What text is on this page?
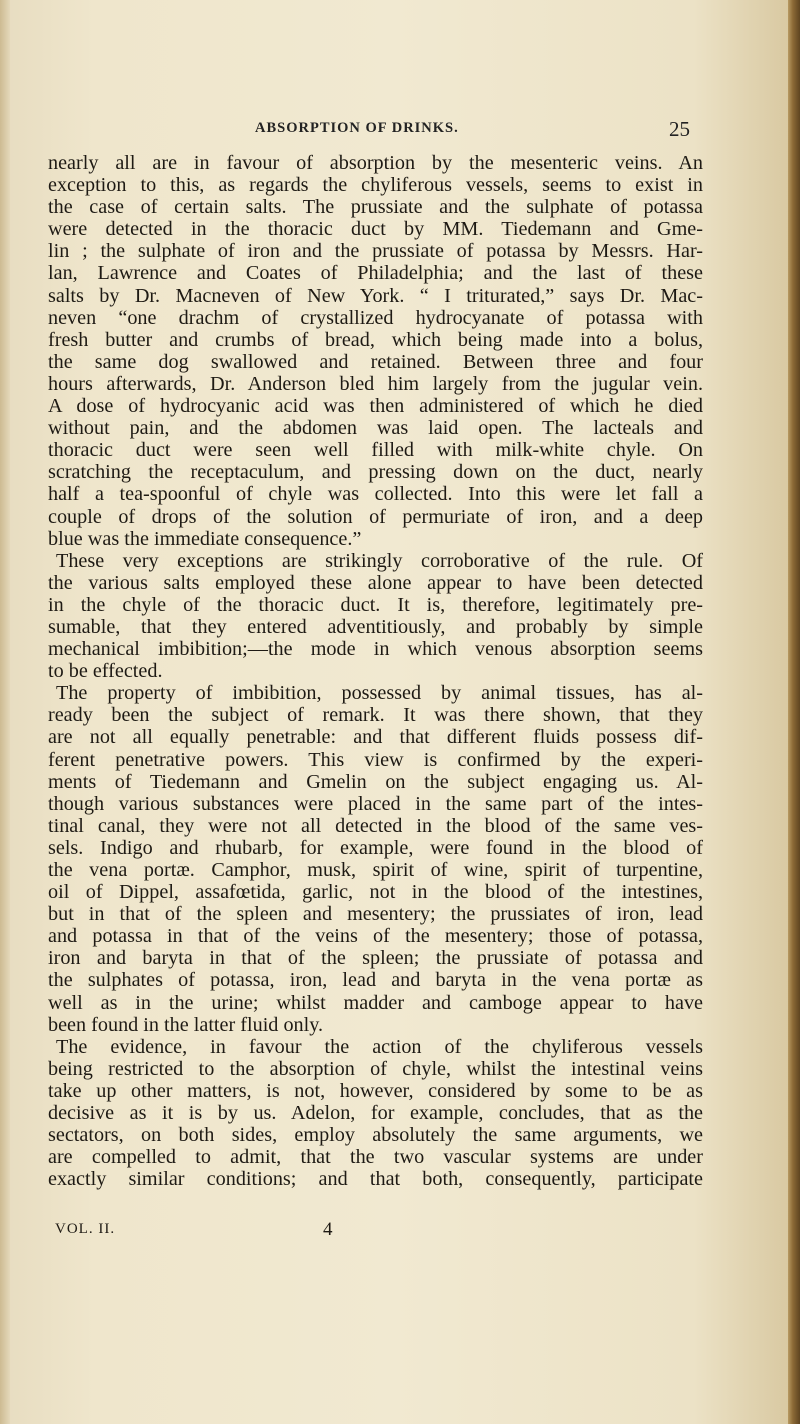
ABSORPTION OF DRINKS.	25
nearly all are in favour of absorption by the mesenteric veins. An
exception to this, as regards the chyliferous vessels, seems to exist in
the case of certain salts. The prussiate and the sulphate of potassa
were detected in the thoracic duct by MM. Tiedemann and Gme-
lin ; the sulphate of iron and the prussiate of potassa by Messrs. Har-
lan, Lawrence and Coates of Philadelphia; and the last of these
salts by Dr. Macneven of New York. “ I triturated,” says Dr. Mac-
neven “one drachm of crystallized hydrocyanate of potassa with
fresh butter and crumbs of bread, which being made into a bolus,
the same dog swallowed and retained. Between three and four
hours afterwards, Dr. Anderson bled him largely from the jugular vein.
A dose of hydrocyanic acid was then administered of which he died
without pain, and the abdomen was laid open. The lacteals and
thoracic duct were seen well filled with milk-white chyle. On
scratching the receptaculum, and pressing down on the duct, nearly
half a tea-spoonful of chyle was collected. Into this were let fall a
couple of drops of the solution of permuriate of iron, and a deep
blue was the immediate consequence.”
These very exceptions are strikingly corroborative of the rule. Of
the various salts employed these alone appear to have been detected
in the chyle of the thoracic duct. It is, therefore, legitimately pre-
sumable, that they entered adventitiously, and probably by simple
mechanical imbibition;—the mode in which venous absorption seems
to be effected.
The property of imbibition, possessed by animal tissues, has al-
ready been the subject of remark. It was there shown, that they
are not all equally penetrable: and that different fluids possess dif-
ferent penetrative powers. This view is confirmed by the experi-
ments of Tiedemann and Gmelin on the subject engaging us. Al-
though various substances were placed in the same part of the intes-
tinal canal, they were not all detected in the blood of the same ves-
sels. Indigo and rhubarb, for example, were found in the blood of
the vena portæ. Camphor, musk, spirit of wine, spirit of turpentine,
oil of Dippel, assafœtida, garlic, not in the blood of the intestines,
but in that of the spleen and mesentery; the prussiates of iron, lead
and potassa in that of the veins of the mesentery; those of potassa,
iron and baryta in that of the spleen; the prussiate of potassa and
the sulphates of potassa, iron, lead and baryta in the vena portæ as
well as in the urine; whilst madder and camboge appear to have
been found in the latter fluid only.
The evidence, in favour the action of the chyliferous vessels
being restricted to the absorption of chyle, whilst the intestinal veins
take up other matters, is not, however, considered by some to be as
decisive as it is by us. Adelon, for example, concludes, that as the
sectators, on both sides, employ absolutely the same arguments, we
are compelled to admit, that the two vascular systems are under
exactly similar conditions; and that both, consequently, participate
VOL. II.	4
